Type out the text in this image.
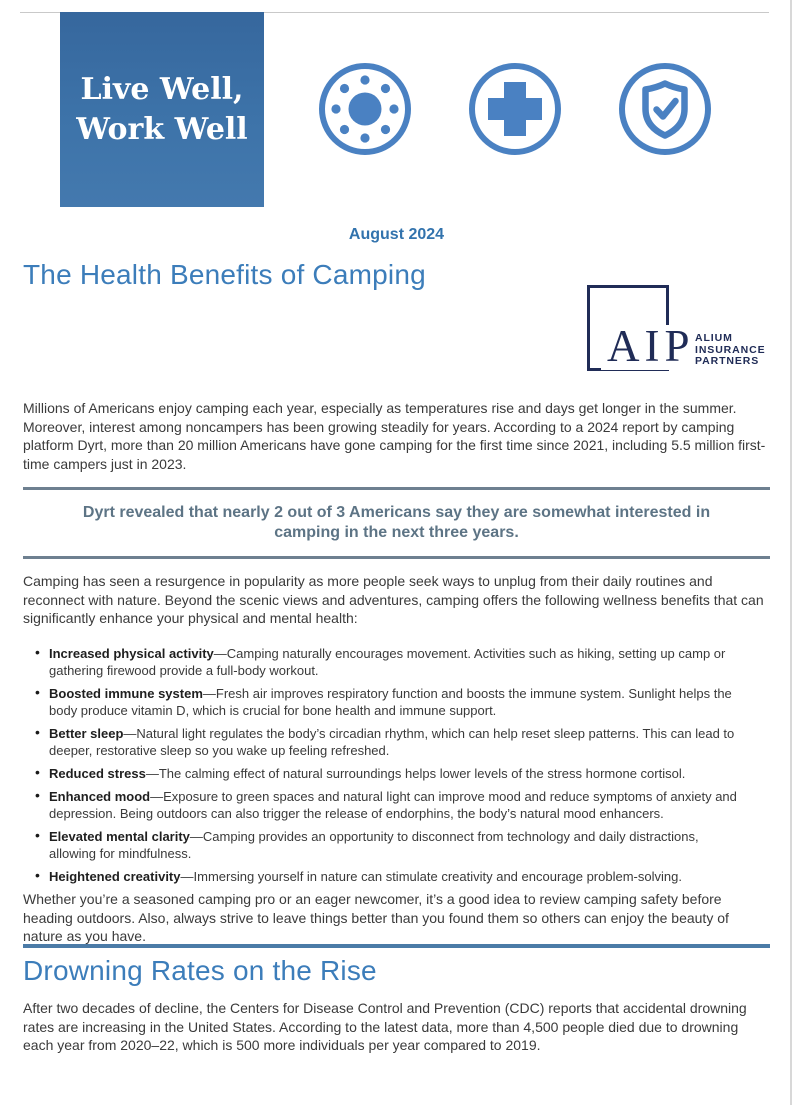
Live Well,
Work Well
August 2024
The Health Benefits of Camping
AIP ALIUM
INSURANCE
PARTNERS

Millions of Americans enjoy camping each year, especially as temperatures rise and days get longer in the summer. Moreover, interest among noncampers has been growing steadily for years. According to a 2024 report by camping platform Dyrt, more than 20 million Americans have gone camping for the first time since 2021, including 5.5 million first-time campers just in 2023.

Dyrt revealed that nearly 2 out of 3 Americans say they are somewhat interested in camping in the next three years.

Camping has seen a resurgence in popularity as more people seek ways to unplug from their daily routines and reconnect with nature. Beyond the scenic views and adventures, camping offers the following wellness benefits that can significantly enhance your physical and mental health:

• Increased physical activity—Camping naturally encourages movement. Activities such as hiking, setting up camp or gathering firewood provide a full-body workout.
• Boosted immune system—Fresh air improves respiratory function and boosts the immune system. Sunlight helps the body produce vitamin D, which is crucial for bone health and immune support.
• Better sleep—Natural light regulates the body’s circadian rhythm, which can help reset sleep patterns. This can lead to deeper, restorative sleep so you wake up feeling refreshed.
• Reduced stress—The calming effect of natural surroundings helps lower levels of the stress hormone cortisol.
• Enhanced mood—Exposure to green spaces and natural light can improve mood and reduce symptoms of anxiety and depression. Being outdoors can also trigger the release of endorphins, the body’s natural mood enhancers.
• Elevated mental clarity—Camping provides an opportunity to disconnect from technology and daily distractions, allowing for mindfulness.
• Heightened creativity—Immersing yourself in nature can stimulate creativity and encourage problem-solving.

Whether you’re a seasoned camping pro or an eager newcomer, it’s a good idea to review camping safety before heading outdoors. Also, always strive to leave things better than you found them so others can enjoy the beauty of nature as you have.

Drowning Rates on the Rise

After two decades of decline, the Centers for Disease Control and Prevention (CDC) reports that accidental drowning rates are increasing in the United States. According to the latest data, more than 4,500 people died due to drowning each year from 2020–22, which is 500 more individuals per year compared to 2019.
